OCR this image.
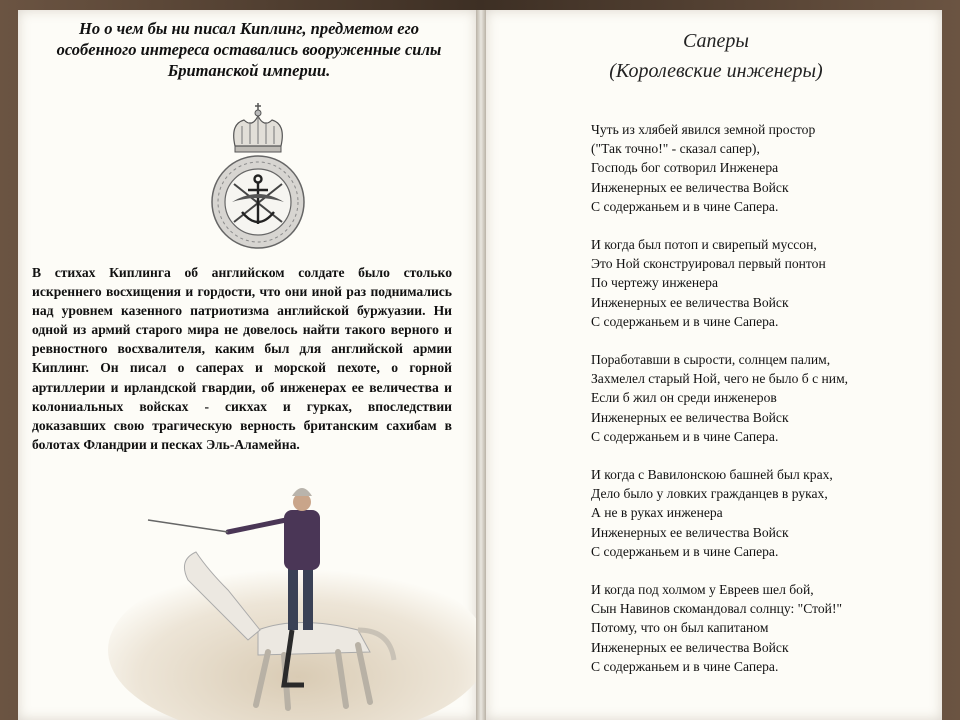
Но о чем бы ни писал Киплинг, предметом его особенного интереса оставались вооруженные силы Британской империи.

В стихах Киплинга об английском солдате было столько искреннего восхищения и гордости, что они иной раз поднимались над уровнем казенного патриотизма английской буржуазии. Ни одной из армий старого мира не довелось найти такого верного и ревностного восхвалителя, каким был для английской армии Киплинг. Он писал о саперах и морской пехоте, о горной артиллерии и ирландской гвардии, об инженерах ее величества и колониальных войсках - сикхах и гурках, впоследствии доказавших свою трагическую верность британским сахибам в болотах Фландрии и песках Эль-Аламейна.

Саперы
(Королевские инженеры)
Чуть из хлябей явился земной простор
("Так точно!" - сказал сапер),
Господь бог сотворил Инженера
Инженерных ее величества Войск
С содержаньем и в чине Сапера.
И когда был потоп и свирепый муссон,
Это Ной сконструировал первый понтон
По чертежу инженера
Инженерных ее величества Войск
С содержаньем и в чине Сапера.
Поработавши в сырости, солнцем палим,
Захмелел старый Ной, чего не было б с ним,
Если б жил он среди инженеров
Инженерных ее величества Войск
С содержаньем и в чине Сапера.
И когда с Вавилонскою башней был крах,
Дело было у ловких гражданцев в руках,
А не в руках инженера
Инженерных ее величества Войск
С содержаньем и в чине Сапера.
И когда под холмом у Евреев шел бой,
Сын Навинов скомандовал солнцу: "Стой!"
Потому, что он был капитаном
Инженерных ее величества Войск
С содержаньем и в чине Сапера.
